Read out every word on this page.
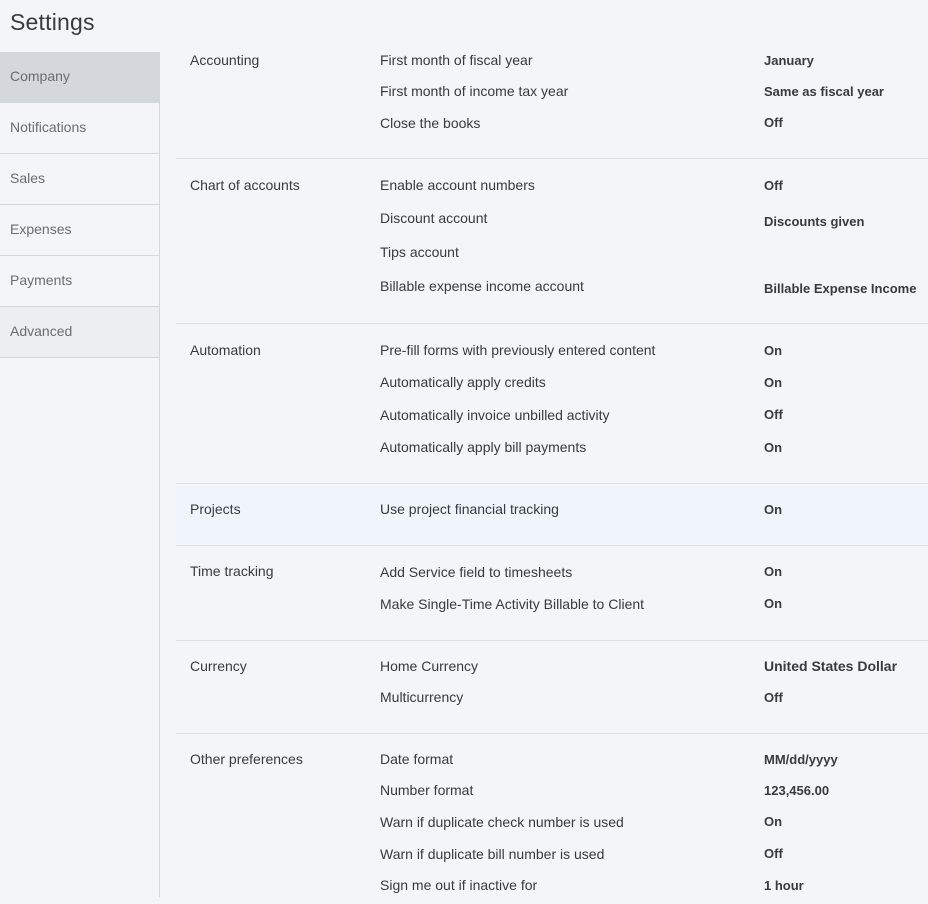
Settings
Company
Notifications
Sales
Expenses
Payments
Advanced
Accounting	First month of fiscal year	January
First month of income tax year	Same as fiscal year
Close the books	Off
Chart of accounts	Enable account numbers	Off
Discount account	Discounts given
Tips account
Billable expense income account	Billable Expense Income
Automation	Pre-fill forms with previously entered content	On
Automatically apply credits	On
Automatically invoice unbilled activity	Off
Automatically apply bill payments	On
Projects	Use project financial tracking	On
Time tracking	Add Service field to timesheets	On
Make Single-Time Activity Billable to Client	On
Currency	Home Currency	United States Dollar
Multicurrency	Off
Other preferences	Date format	MM/dd/yyyy
Number format	123,456.00
Warn if duplicate check number is used	On
Warn if duplicate bill number is used	Off
Sign me out if inactive for	1 hour
